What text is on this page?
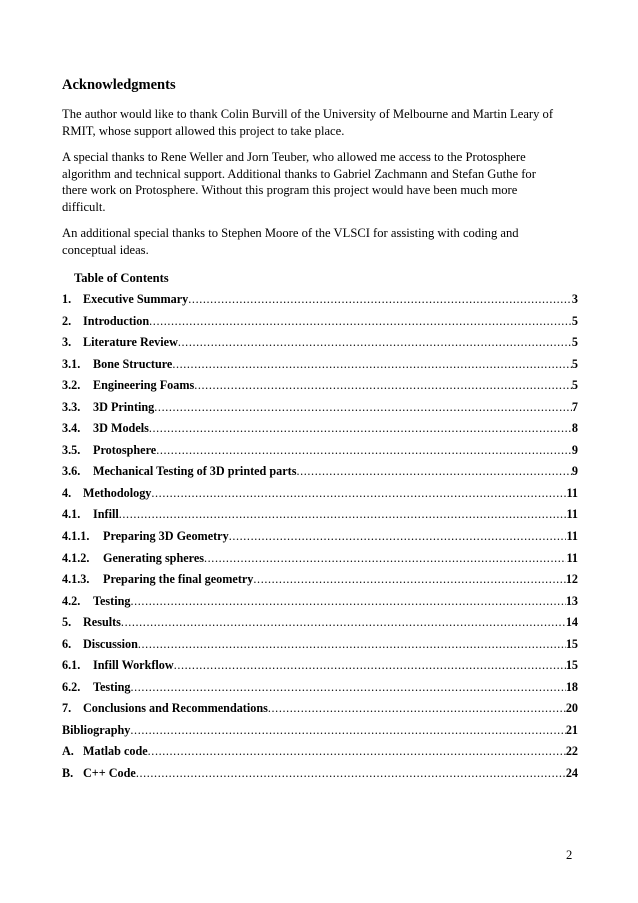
Acknowledgments

The author would like to thank Colin Burvill of the University of Melbourne and Martin Leary of
RMIT, whose support allowed this project to take place.

A special thanks to Rene Weller and Jorn Teuber, who allowed me access to the Protosphere
algorithm and technical support. Additional thanks to Gabriel Zachmann and Stefan Guthe for
there work on Protosphere. Without this program this project would have been much more
difficult.

An additional special thanks to Stephen Moore of the VLSCI for assisting with coding and
conceptual ideas.

Table of Contents
1. Executive Summary .....	3
2. Introduction .....	5
3. Literature Review .....	5
3.1.	Bone Structure .....	5
3.2.	Engineering Foams .....	5
3.3.	3D Printing .....	7
3.4.	3D Models .....	8
3.5.	Protosphere .....	9
3.6.	Mechanical Testing of 3D printed parts .....	9
4. Methodology .....	11
4.1.	Infill .....	11
4.1.1.	Preparing 3D Geometry .....	11
4.1.2.	Generating spheres .....	11
4.1.3.	Preparing the final geometry .....	12
4.2.	Testing .....	13
5. Results .....	14
6. Discussion .....	15
6.1.	Infill Workflow .....	15
6.2.	Testing .....	18
7. Conclusions and Recommendations .....	20
Bibliography .....	21
A. Matlab code .....	22
B. C++ Code .....	24
2
